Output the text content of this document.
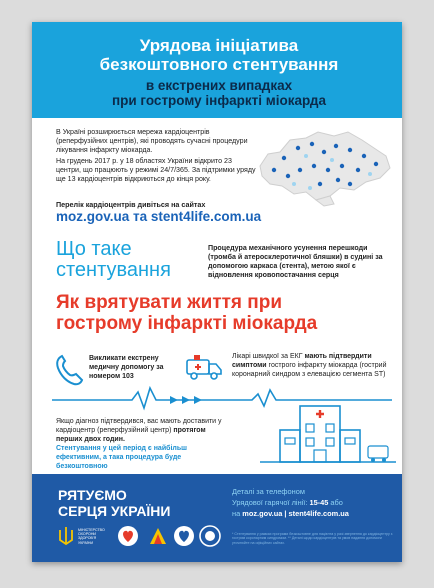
Урядова ініціатива
безкоштовного стентування
в екстрених випадках
при гострому інфаркті міокарда

В Україні розширюється мережа кардіоцентрів (реперфузійних центрів), які проводять сучасні процедури лікування інфаркту міокарда.

На грудень 2017 р. у 18 областях України відкрито 23 центри, що працюють у режимі 24/7/365. За підтримки уряду ще 13 кардіоцентрів відкриються до кінця року.

Перелік кардіоцентрів дивіться на сайтах
moz.gov.ua та stent4life.com.ua
Що таке
стентування
Процедура механічного усунення перешкоди (тромба й атеросклеротичної бляшки) в судині за допомогою каркаса (стента), метою якої є відновлення кровопостачання серця
Як врятувати життя при
гострому інфаркті міокарда
Викликати екстрену медичну допомогу за номером 103
Лікарі швидкої за ЕКГ мають підтвердити симптоми гострого інфаркту міокарда (гострий коронарний синдром з елевацією сегмента ST)
Якщо діагноз підтвердився, вас мають доставити у кардіоцентр (реперфузійний центр) протягом перших двох годин.
Стентування у цей період є найбільш ефективним, а така процедура буде безкоштовною
РЯТУЄМО
СЕРЦЯ УКРАЇНИ
МІНІСТЕРСТВО ОХОРОНИ ЗДОРОВ'Я УКРАЇНИ
Деталі за телефоном
Урядової гарячої лінії: 15-45 або
на moz.gov.ua | stent4life.com.ua
* Стентування у рамках програми безкоштовне для пацієнта у разі звернення до кардіоцентру з гострим коронарним синдромом. ** Деталі щодо кардіоцентрів та умов надання допомоги уточнюйте на офіційних сайтах.
